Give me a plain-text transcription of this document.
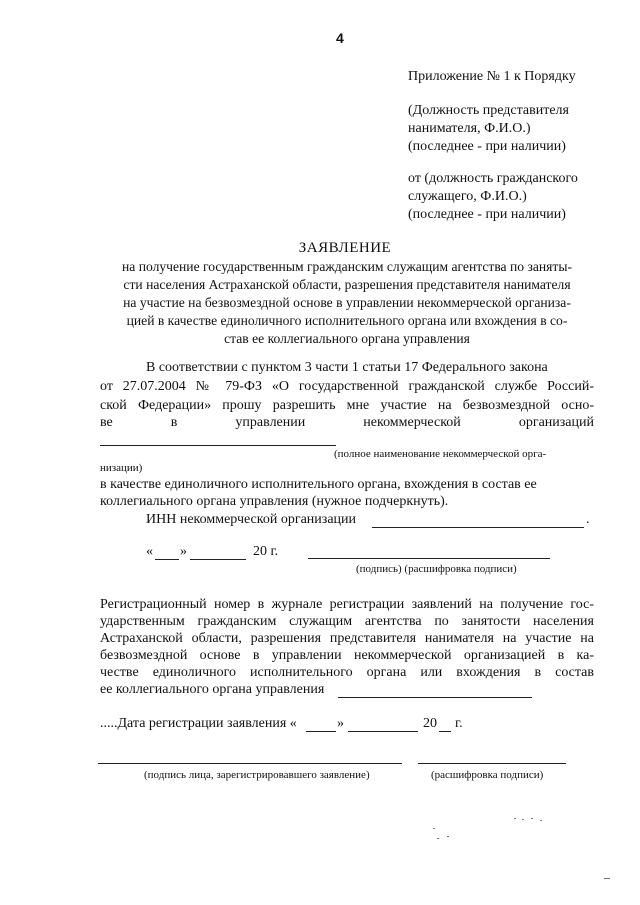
4
Приложение № 1 к Порядку
(Должность представителя
нанимателя, Ф.И.О.)
(последнее - при наличии)
от (должность гражданского
служащего, Ф.И.О.)
(последнее - при наличии)
ЗАЯВЛЕНИЕ
на получение государственным гражданским служащим агентства по заняты-
сти населения Астраханской области, разрешения представителя нанимателя
на участие на безвозмездной основе в управлении некоммерческой организа-
цией в качестве единоличного исполнительного органа или вхождения в со-
став ее коллегиального органа управления
В соответствии с пунктом 3 части 1 статьи 17 Федерального закона
от 27.07.2004 № 79-ФЗ «О государственной гражданской службе Россий-
ской Федерации» прошу разрешить мне участие на безвозмездной осно-
ве в управлении некоммерческой организаций
(полное наименование некоммерческой орга-
низации)
в качестве единоличного исполнительного органа, вхождения в состав ее
коллегиального органа управления (нужное подчеркнуть).
ИНН некоммерческой организации	.
« »	20 г.
(подпись) (расшифровка подписи)
Регистрационный номер в журнале регистрации заявлений на получение гос-
ударственным гражданским служащим агентства по занятости населения
Астраханской области, разрешения представителя нанимателя на участие на
безвозмездной основе в управлении некоммерческой организацией в ка-
честве единоличного исполнительного органа или вхождения в состав
ее коллегиального органа управления
.....Дата регистрации заявления «	»	20 г.
(подпись лица, зарегистрировавшего заявление)	(расшифровка подписи)
